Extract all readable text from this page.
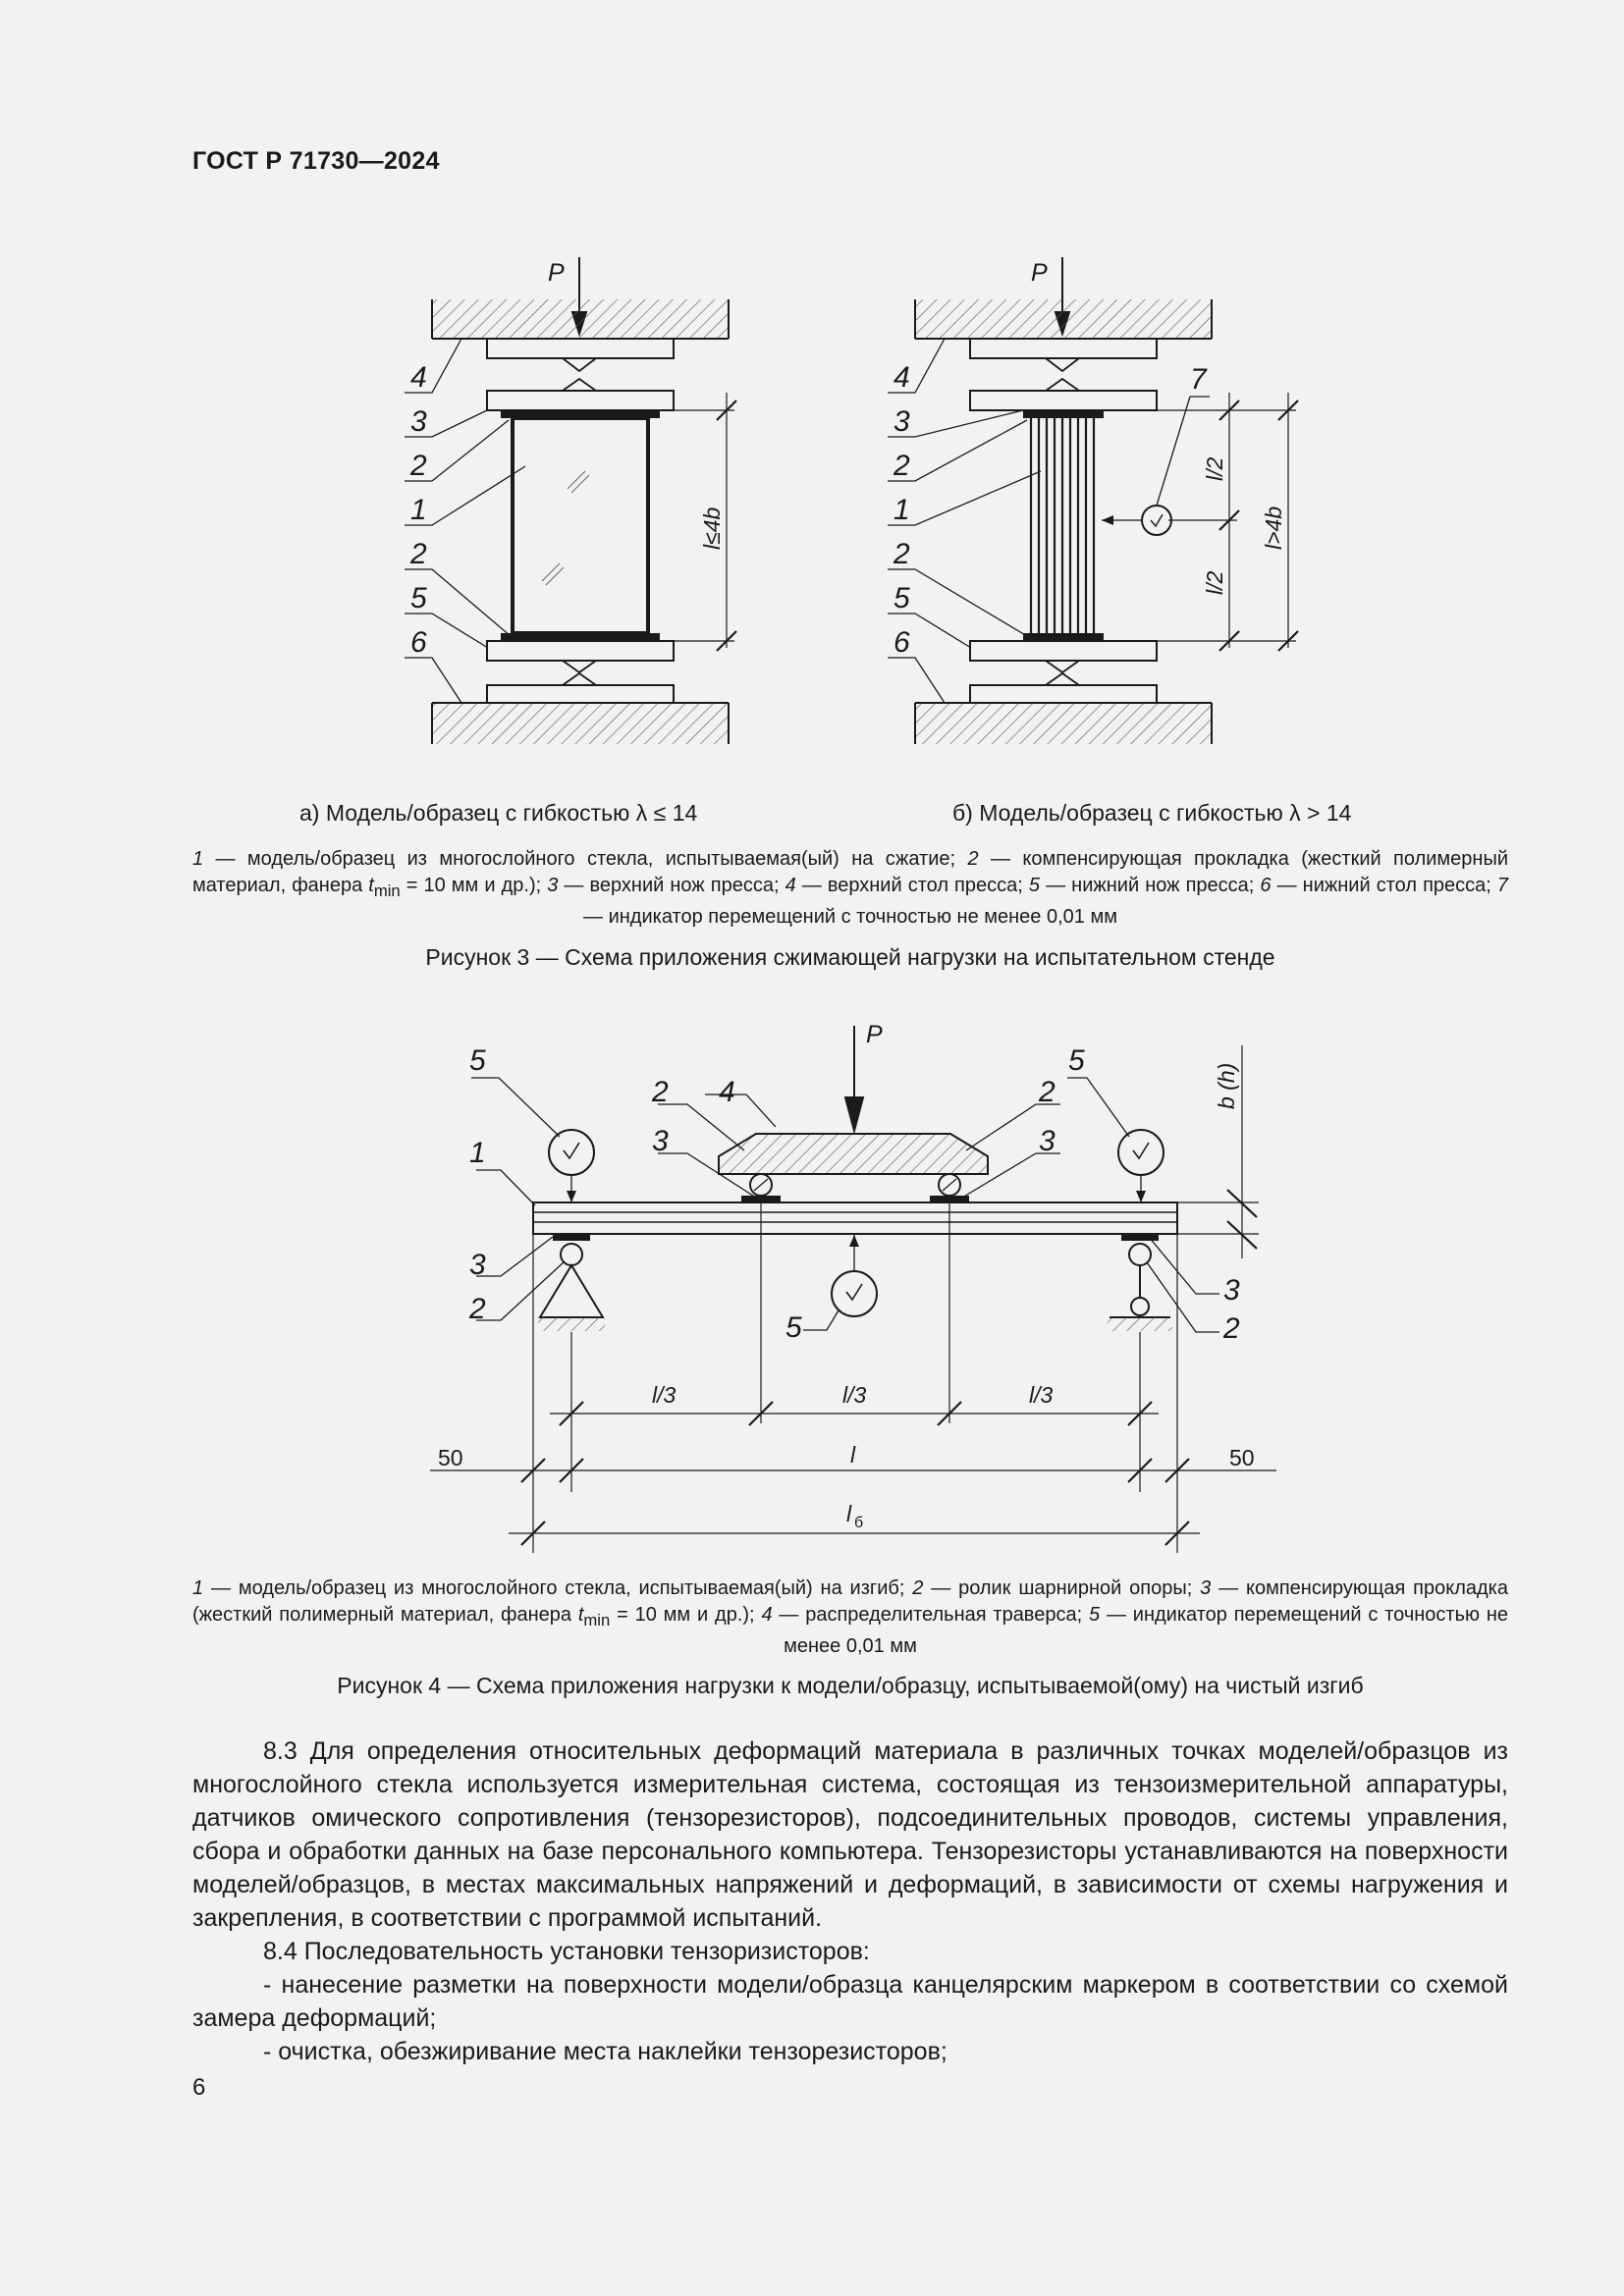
ГОСТ Р 71730—2024
P
l≤4b
4
3
2
1
2
5
6
P
l/2
l/2
l>4b
4
3
2
1
2
5
6
7
а) Модель/образец с гибкостью λ ≤ 14	б) Модель/образец с гибкостью λ > 14
1 — модель/образец из многослойного стекла, испытываемая(ый) на сжатие; 2 — компенсирующая прокладка (жесткий полимерный материал, фанера $t_{min} = 10$ мм и др.); 3 — верхний нож пресса; 4 — верхний стол пресса; 5 — нижний нож пресса; 6 — нижний стол пресса; 7 — индикатор перемещений с точностью не менее 0,01 мм
Рисунок 3 — Схема приложения сжимающей нагрузки на испытательном стенде
P
b (h)
5
1
3
2
2 4
3
2
3
5
3
2
5
l/3	l/3	l/3
50	l	50
l б
1 — модель/образец из многослойного стекла, испытываемая(ый) на изгиб; 2 — ролик шарнирной опоры; 3 — компенсирующая прокладка (жесткий полимерный материал, фанера $t_{min} = 10$ мм и др.); 4 — распределительная траверса; 5 — индикатор перемещений с точностью не менее 0,01 мм
Рисунок 4 — Схема приложения нагрузки к модели/образцу, испытываемой(ому) на чистый изгиб

8.3 Для определения относительных деформаций материала в различных точках моделей/образцов из многослойного стекла используется измерительная система, состоящая из тензоизмерительной аппаратуры, датчиков омического сопротивления (тензорезисторов), подсоединительных проводов, системы управления, сбора и обработки данных на базе персонального компьютера. Тензорезисторы устанавливаются на поверхности моделей/образцов, в местах максимальных напряжений и деформаций, в зависимости от схемы нагружения и закрепления, в соответствии с программой испытаний.

8.4 Последовательность установки тензоризисторов:

- нанесение разметки на поверхности модели/образца канцелярским маркером в соответствии со схемой замера деформаций;

- очистка, обезжиривание места наклейки тензорезисторов;

6
